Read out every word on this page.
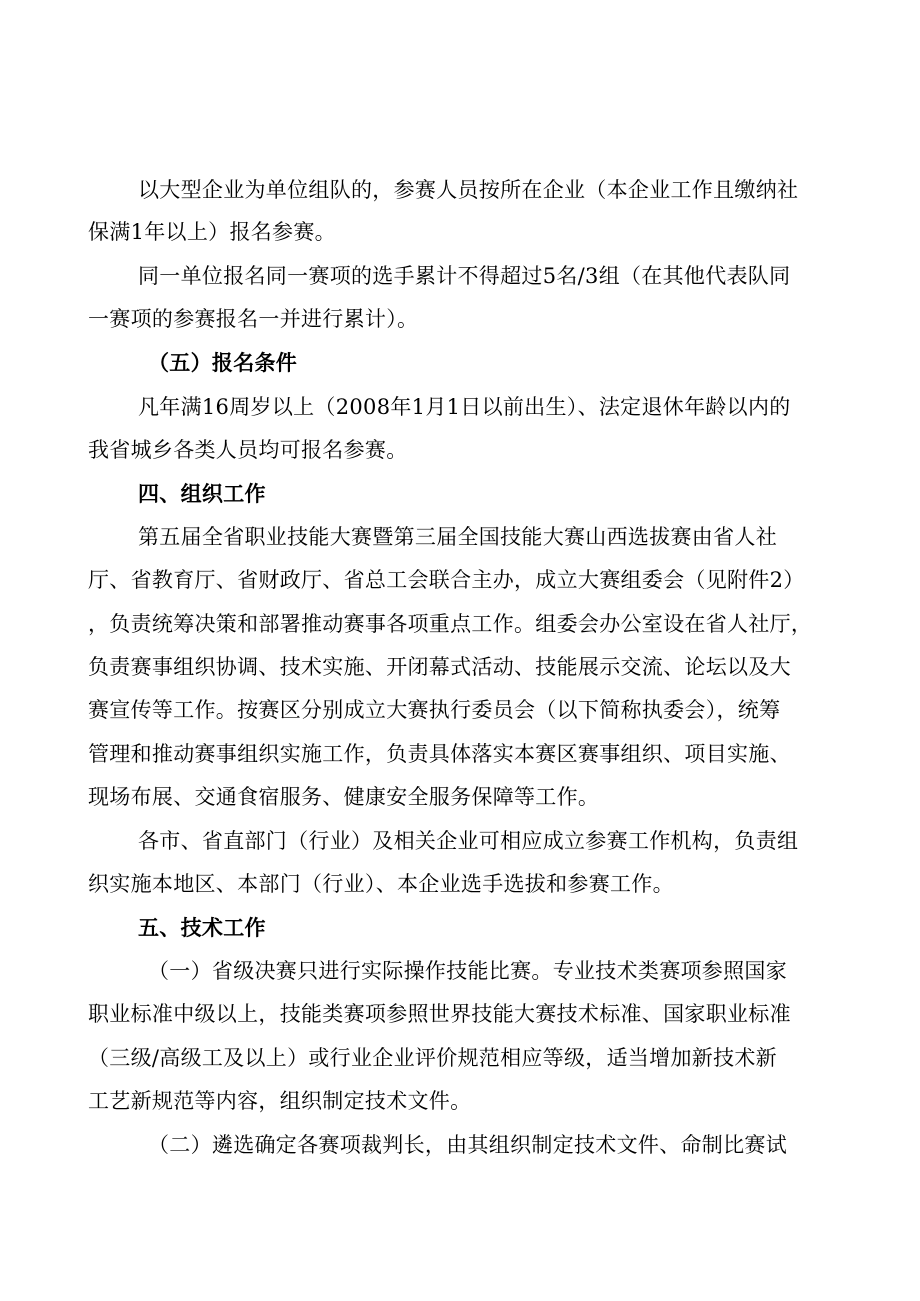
以大型企业为单位组队的，参赛人员按所在企业（本企业工作且缴纳社
保满1年以上）报名参赛。
同一单位报名同一赛项的选手累计不得超过5名/3组（在其他代表队同
一赛项的参赛报名一并进行累计）。
（五）报名条件
凡年满16周岁以上（2008年1月1日以前出生）、法定退休年龄以内的
我省城乡各类人员均可报名参赛。
四、组织工作
第五届全省职业技能大赛暨第三届全国技能大赛山西选拔赛由省人社
厅、省教育厅、省财政厅、省总工会联合主办，成立大赛组委会（见附件2）
，负责统筹决策和部署推动赛事各项重点工作。组委会办公室设在省人社厅，
负责赛事组织协调、技术实施、开闭幕式活动、技能展示交流、论坛以及大
赛宣传等工作。按赛区分别成立大赛执行委员会（以下简称执委会），统筹
管理和推动赛事组织实施工作，负责具体落实本赛区赛事组织、项目实施、
现场布展、交通食宿服务、健康安全服务保障等工作。
各市、省直部门（行业）及相关企业可相应成立参赛工作机构，负责组
织实施本地区、本部门（行业）、本企业选手选拔和参赛工作。
五、技术工作
（一）省级决赛只进行实际操作技能比赛。专业技术类赛项参照国家
职业标准中级以上，技能类赛项参照世界技能大赛技术标准、国家职业标准
（三级/高级工及以上）或行业企业评价规范相应等级，适当增加新技术新
工艺新规范等内容，组织制定技术文件。
（二）遴选确定各赛项裁判长，由其组织制定技术文件、命制比赛试
